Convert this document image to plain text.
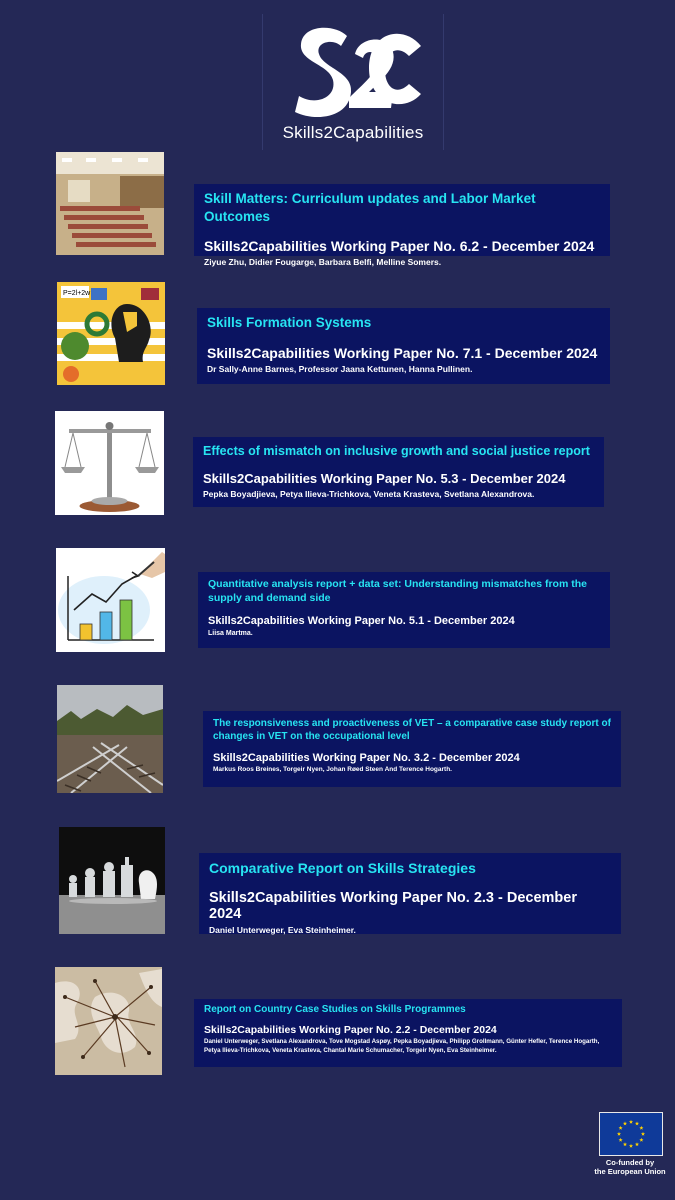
Skills2Capabilities
Skill Matters: Curriculum updates and Labor Market Outcomes
Skills2Capabilities Working Paper No. 6.2 - December 2024
Ziyue Zhu, Didier Fougarge, Barbara Belfi, Melline Somers.
P=2l+2w
Skills Formation Systems
Skills2Capabilities Working Paper No. 7.1 - December 2024
Dr Sally-Anne Barnes, Professor Jaana Kettunen, Hanna Pullinen.
Effects of mismatch on inclusive growth and social justice report
Skills2Capabilities Working Paper No. 5.3 - December 2024
Pepka Boyadjieva, Petya Ilieva-Trichkova, Veneta Krasteva, Svetlana Alexandrova.
Quantitative analysis report + data set: Understanding mismatches from the supply and demand side
Skills2Capabilities Working Paper No. 5.1 - December 2024
Liisa Martma.
The responsiveness and proactiveness of VET – a comparative case study report of changes in VET on the occupational level
Skills2Capabilities Working Paper No. 3.2 - December 2024
Markus Roos Breines, Torgeir Nyen, Johan Røed Steen And Terence Hogarth.
Comparative Report on Skills Strategies
Skills2Capabilities Working Paper No. 2.3 - December 2024
Daniel Unterweger, Eva Steinheimer.
Report on Country Case Studies on Skills Programmes
Skills2Capabilities Working Paper No. 2.2 - December 2024
Daniel Unterweger, Svetlana Alexandrova, Tove Mogstad Aspøy, Pepka Boyadjieva, Philipp Grollmann, Günter Hefler, Terence Hogarth, Petya Ilieva-Trichkova, Veneta Krasteva, Chantal Marie Schumacher, Torgeir Nyen, Eva Steinheimer.
Co-funded by
the European Union
